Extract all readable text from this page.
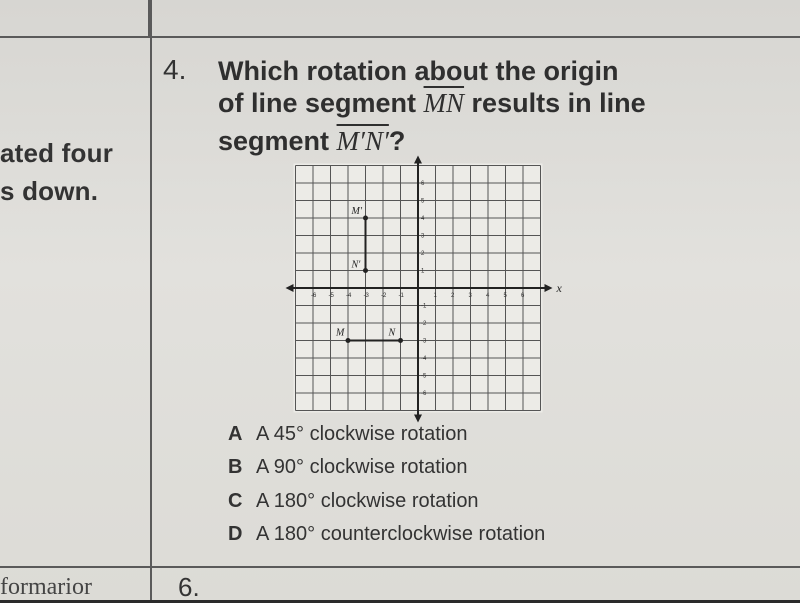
ated four
s down.
formarior
4. Which rotation about the origin
of line segment $\overline{MN}$ results in line
segment M′N′?
x
-6 -5 -4 -3 -2 -1	1 2 3 4 5 6
6
5
4
3
2
1
-1
-2
-3
-4
-5
-6
M′
N′
M	N
A A 45° clockwise rotation
B A 90° clockwise rotation
C A 180° clockwise rotation
D A 180° counterclockwise rotation
6.
